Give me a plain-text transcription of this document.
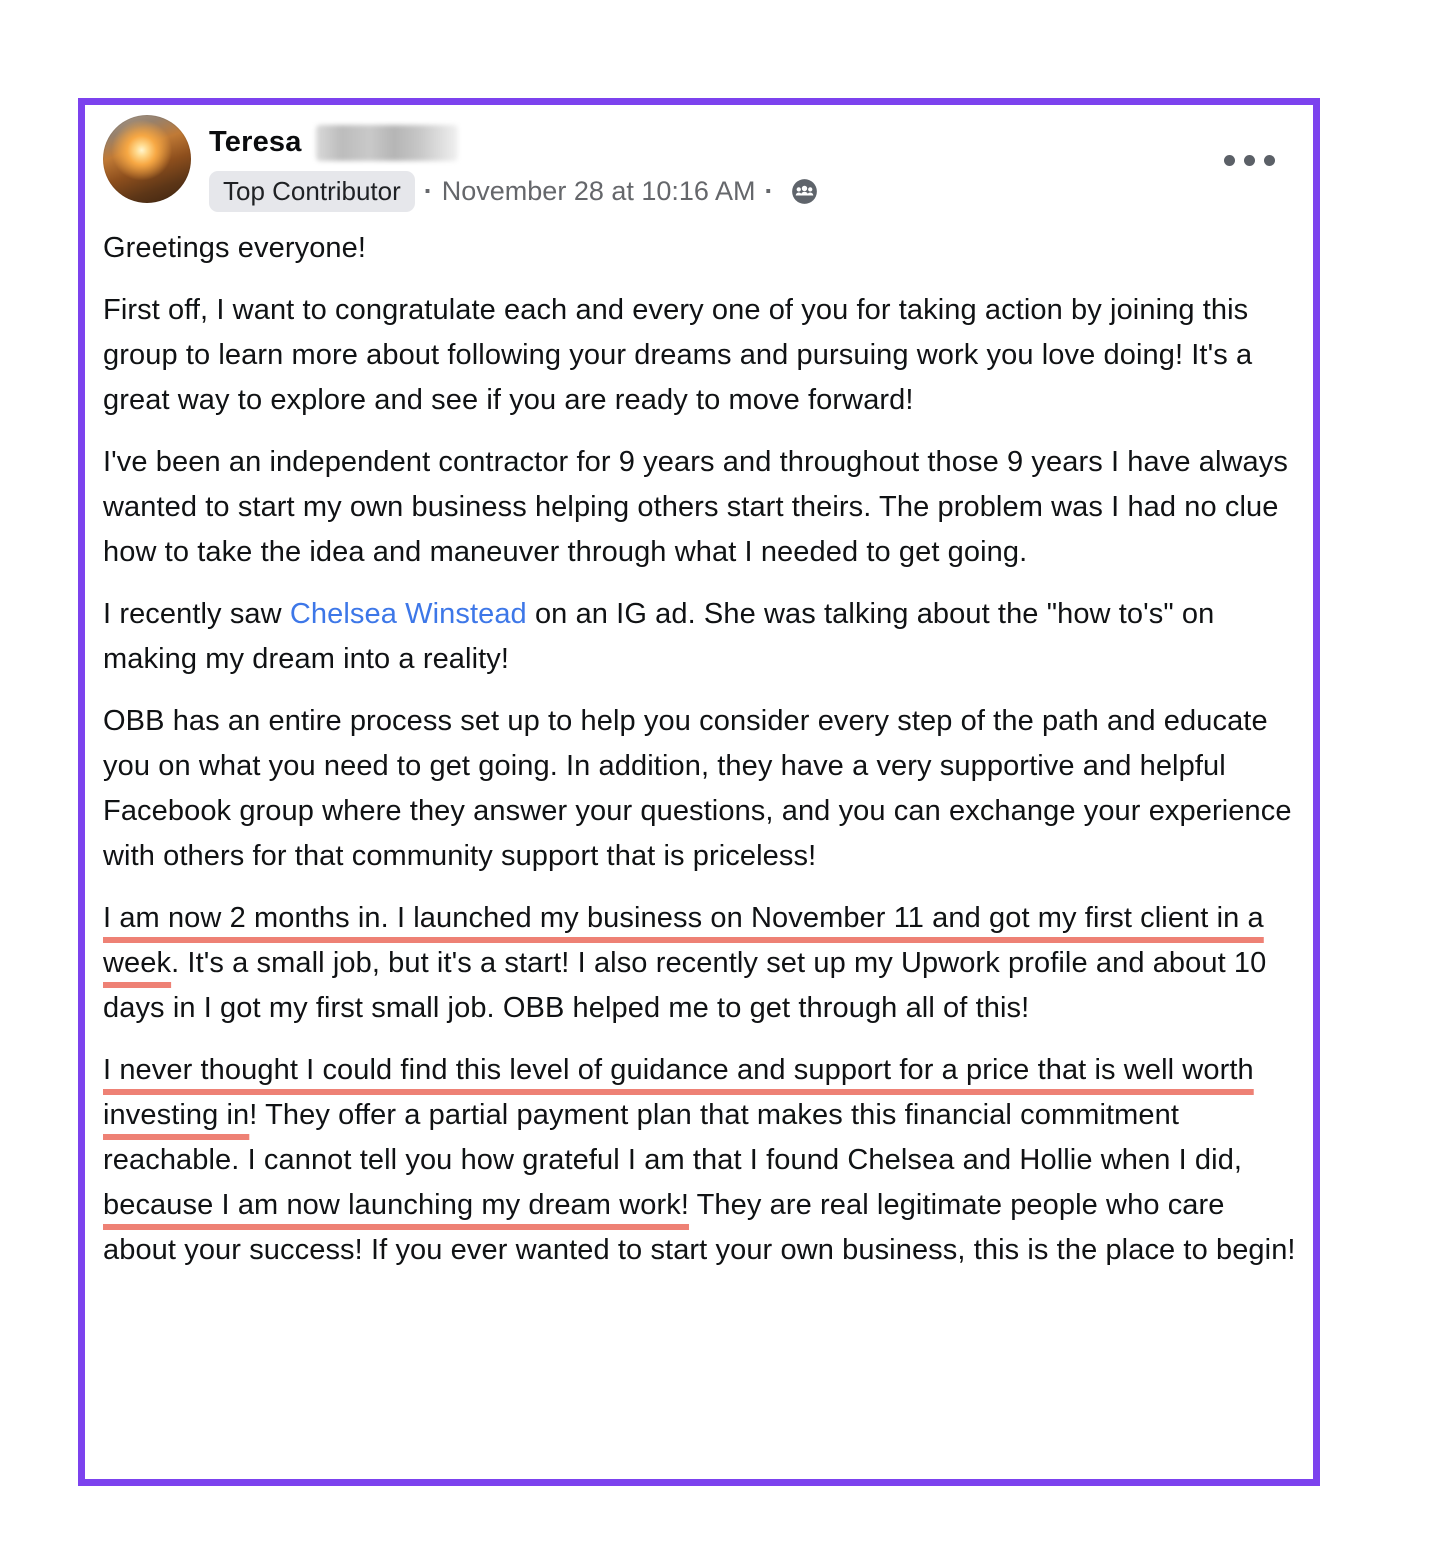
Teresa
Top Contributor · November 28 at 10:16 AM ·

Greetings everyone!

First off, I want to congratulate each and every one of you for taking action by joining this group to learn more about following your dreams and pursuing work you love doing! It's a great way to explore and see if you are ready to move forward!

I've been an independent contractor for 9 years and throughout those 9 years I have always wanted to start my own business helping others start theirs. The problem was I had no clue how to take the idea and maneuver through what I needed to get going.

I recently saw Chelsea Winstead on an IG ad. She was talking about the "how to's" on making my dream into a reality!

OBB has an entire process set up to help you consider every step of the path and educate you on what you need to get going. In addition, they have a very supportive and helpful Facebook group where they answer your questions, and you can exchange your experience with others for that community support that is priceless!

I am now 2 months in. I launched my business on November 11 and got my first client in a week. It's a small job, but it's a start! I also recently set up my Upwork profile and about 10 days in I got my first small job. OBB helped me to get through all of this!

I never thought I could find this level of guidance and support for a price that is well worth investing in! They offer a partial payment plan that makes this financial commitment reachable. I cannot tell you how grateful I am that I found Chelsea and Hollie when I did, because I am now launching my dream work! They are real legitimate people who care about your success! If you ever wanted to start your own business, this is the place to begin!
